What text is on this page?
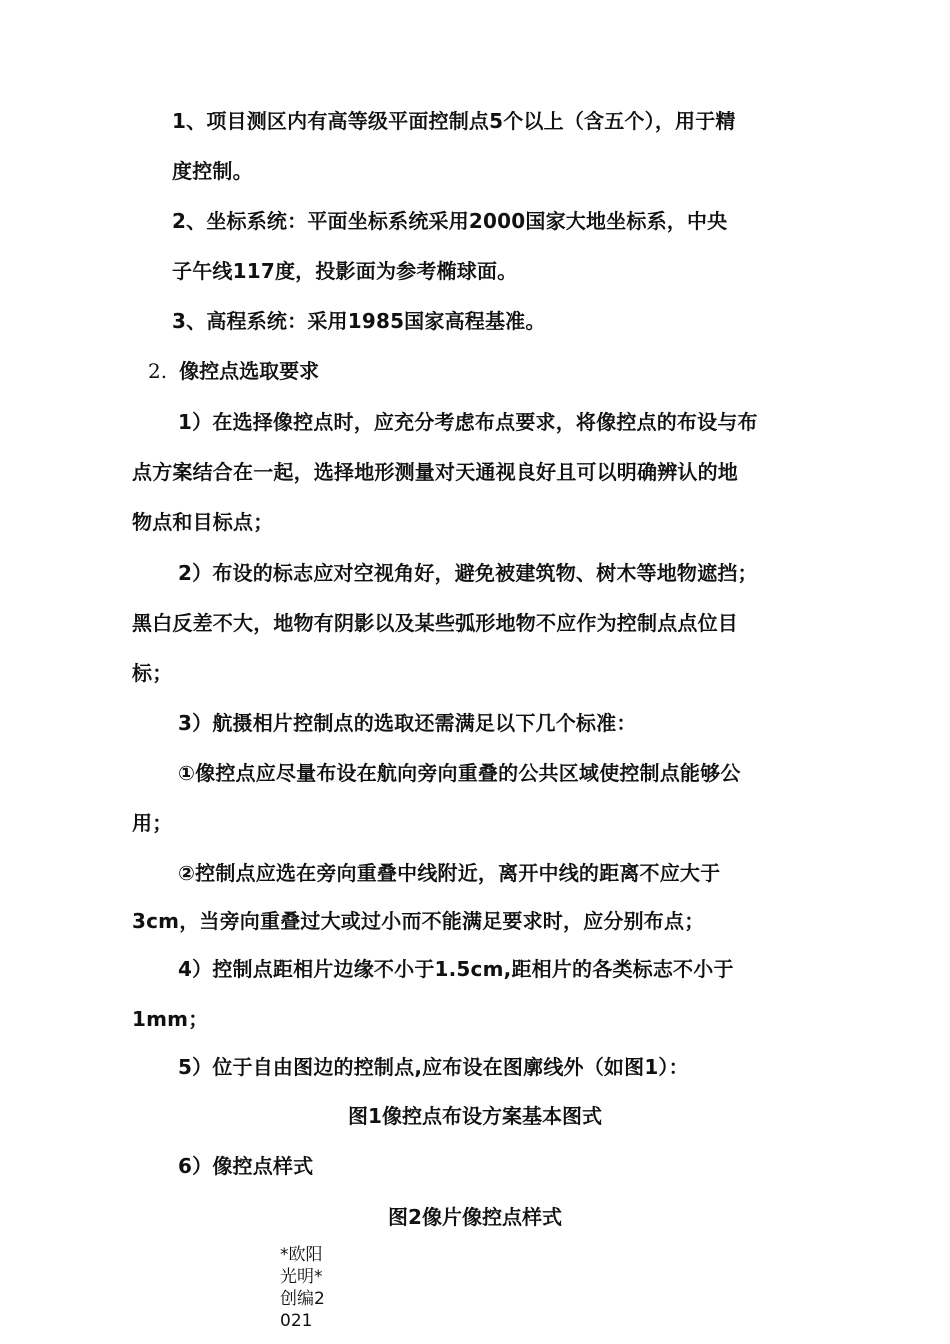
1、项目测区内有高等级平面控制点5个以上（含五个），用于精
度控制。
2、坐标系统：平面坐标系统采用2000国家大地坐标系，中央
子午线117度，投影面为参考椭球面。
3、高程系统：采用1985国家高程基准。
2. 像控点选取要求
1）在选择像控点时，应充分考虑布点要求，将像控点的布设与布
点方案结合在一起，选择地形测量对天通视良好且可以明确辨认的地
物点和目标点；
2）布设的标志应对空视角好，避免被建筑物、树木等地物遮挡；
黑白反差不大，地物有阴影以及某些弧形地物不应作为控制点点位目
标；
3）航摄相片控制点的选取还需满足以下几个标准：
①像控点应尽量布设在航向旁向重叠的公共区域使控制点能够公
用；
②控制点应选在旁向重叠中线附近，离开中线的距离不应大于
3cm，当旁向重叠过大或过小而不能满足要求时，应分别布点；
4）控制点距相片边缘不小于1.5cm,距相片的各类标志不小于
1mm；
5）位于自由图边的控制点,应布设在图廓线外（如图1）：
图1像控点布设方案基本图式
6）像控点样式
图2像片像控点样式
*欧阳光明*创编2021
